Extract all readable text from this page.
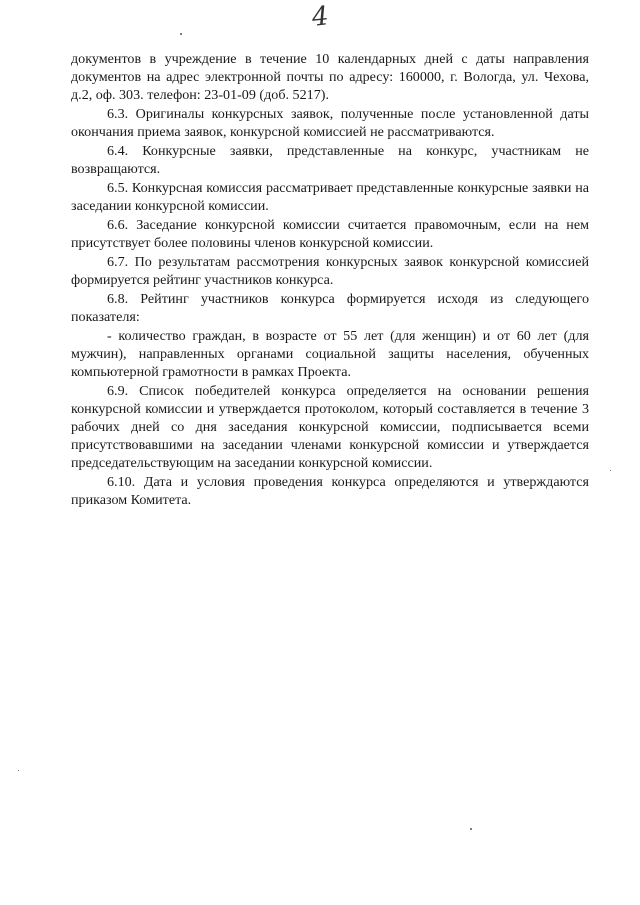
4

документов в учреждение в течение 10 календарных дней с даты направления документов на адрес электронной почты по адресу: 160000, г. Вологда, ул. Чехова, д.2, оф. 303. телефон: 23-01-09 (доб. 5217).

6.3. Оригиналы конкурсных заявок, полученные после установленной даты окончания приема заявок, конкурсной комиссией не рассматриваются.

6.4. Конкурсные заявки, представленные на конкурс, участникам не возвращаются.

6.5. Конкурсная комиссия рассматривает представленные конкурсные заявки на заседании конкурсной комиссии.

6.6. Заседание конкурсной комиссии считается правомочным, если на нем присутствует более половины членов конкурсной комиссии.

6.7. По результатам рассмотрения конкурсных заявок конкурсной комиссией формируется рейтинг участников конкурса.

6.8. Рейтинг участников конкурса формируется исходя из следующего показателя:

- количество граждан, в возрасте от 55 лет (для женщин) и от 60 лет (для мужчин), направленных органами социальной защиты населения, обученных компьютерной грамотности в рамках Проекта.

6.9. Список победителей конкурса определяется на основании решения конкурсной комиссии и утверждается протоколом, который составляется в течение 3 рабочих дней со дня заседания конкурсной комиссии, подписывается всеми присутствовавшими на заседании членами конкурсной комиссии и утверждается председательствующим на заседании конкурсной комиссии.

6.10. Дата и условия проведения конкурса определяются и утверждаются приказом Комитета.
